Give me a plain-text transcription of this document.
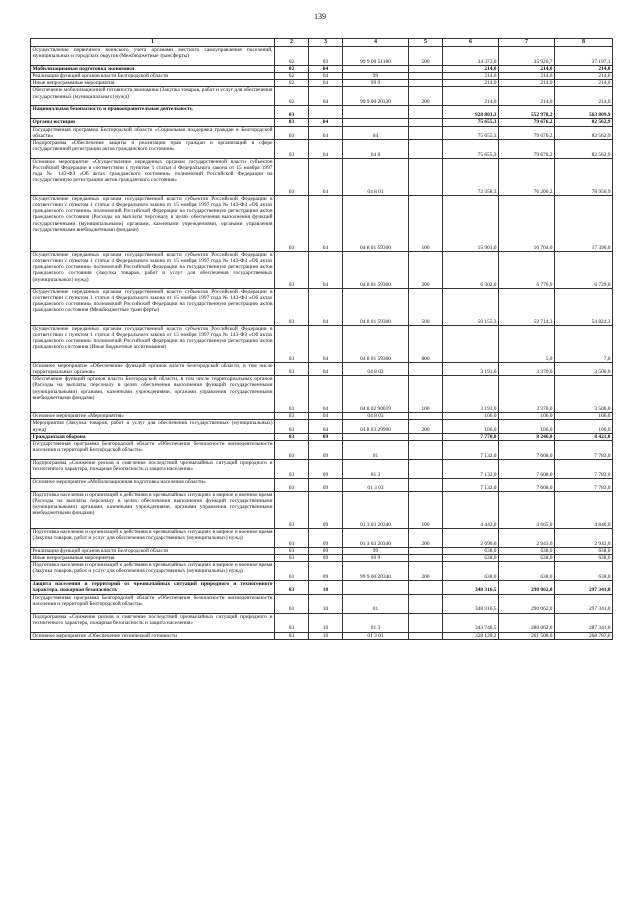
139
1	2	3	4	5	6	7	8
Осуществление первичного воинского учета органами местного самоуправления поселений, муниципальных и городских округов (Межбюджетные трансферты)	02	03	99 9 00 51180	500	34 373,0	35 926,7	37 197,1
Мобилизационная подготовка экономики	02	04			214,0	214,0	214,0
Реализация функций органов власти Белгородской области	02	04	99		214,0	214,0	214,0
Иные непрограммные мероприятия	02	04	99 9		214,0	214,0	214,0
Обеспечение мобилизационной готовности экономики (Закупка товаров, работ и услуг для обеспечения государственных (муниципальных) нужд)	02	04	99 9 00 20330	200	214,0	214,0	214,0
Национальная безопасность и правоохранительная деятельность	03				928 803,3	552 978,2	563 809,9
Органы юстиции	03	04			75 655,3	79 676,2	82 562,9
Государственная программа Белгородской области «Социальная поддержка граждан в Белгородской области»	03	04	04		75 655,3	79 676,2	82 562,9
Подпрограмма «Обеспечение защиты и реализации прав граждан и организаций в сфере государственной регистрации актов гражданского состояния»	03	04	04 8		75 655,3	79 676,2	82 562,9
Основное мероприятие «Осуществление переданных органам государственной власти субъектов Российской Федерации в соответствии с пунктом 1 статьи 4 Федерального закона от 15 ноября 1997 года № 143-ФЗ «Об актах гражданского состояния» полномочий Российской Федерации на государственную регистрацию актов гражданского состояния»	03	04	04 8 01		72 358,3	76 200,2	78 950,9
Осуществление переданных органам государственной власти субъектов Российской Федерации в соответствии с пунктом 1 статьи 4 Федерального закона от 15 ноября 1997 года № 143-ФЗ «Об актах гражданского состояния» полномочий Российской Федерации на государственную регистрацию актов гражданского состояния (Расходы на выплаты персоналу в целях обеспечения выполнения функций государственными (муниципальными) органами, казенными учреждениями, органами управления государственными внебюджетными фондами)	03	04	04 8 01 59300	100	15 901,0	16 704,0	17 390,0
Осуществление переданных органам государственной власти субъектов Российской Федерации в соответствии с пунктом 1 статьи 4 Федерального закона от 15 ноября 1997 года № 143-ФЗ «Об актах гражданского состояния» полномочий Российской Федерации на государственную регистрацию актов гражданского состояния (Закупка товаров, работ и услуг для обеспечения государственных (муниципальных) нужд)	03	04	04 8 01 59300	200	6 302,0	6 776,9	6 729,6
Осуществление переданных органам государственной власти субъектов Российской Федерации в соответствии с пунктом 1 статьи 4 Федерального закона от 15 ноября 1997 года № 143-ФЗ «Об актах гражданского состояния» полномочий Российской Федерации на государственную регистрацию актов гражданского состояния (Межбюджетные трансферты)	03	04	04 8 01 59300	500	50 155,3	52 714,3	54 824,3
Осуществление переданных органам государственной власти субъектов Российской Федерации в соответствии с пунктом 1 статьи 4 Федерального закона от 15 ноября 1997 года № 143-ФЗ «Об актах гражданского состояния» полномочий Российской Федерации на государственную регистрацию актов гражданского состояния (Иные бюджетные ассигнования)	03	04	04 8 01 59300	800		5,0	7,0
Основное мероприятие «Обеспечение функций органов власти Белгородской области, в том числе территориальных органов»	03	04	04 8 02		3 191,0	3 370,0	3 506,0
Обеспечение функций органов власти Белгородской области, в том числе территориальных органов (Расходы на выплаты персоналу в целях обеспечения выполнения функций государственными (муниципальными) органами, казенными учреждениями, органами управления государственными внебюджетными фондами)	03	04	04 8 02 90019	100	3 191,0	3 370,0	3 506,0
Основное мероприятие «Мероприятия»	03	04	04 8 03		106,0	106,0	106,0
Мероприятия (Закупка товаров, работ и услуг для обеспечения государственных (муниципальных) нужд)	03	04	04 8 03 29990	200	106,0	106,0	106,0
Гражданская оборона	03	09			7 770,0	8 246,0	8 421,0
Государственная программа Белгородской области «Обеспечение безопасности жизнедеятельности населения и территорий Белгородской области»	03	09	01		7 132,0	7 608,0	7 783,0
Подпрограмма «Снижение рисков и смягчение последствий чрезвычайных ситуаций природного и техногенного характера, пожарная безопасность и защита населения»	03	09	01 3		7 132,0	7 608,0	7 783,0
Основное мероприятие «Мобилизационная подготовка населения области»	03	09	01 3 03		7 132,0	7 608,0	7 783,0
Подготовка населения и организаций к действиям в чрезвычайных ситуациях в мирное и военное время (Расходы на выплаты персоналу в целях обеспечения выполнения функций государственными (муниципальными) органами, казенными учреждениями, органами управления государственными внебюджетными фондами)	03	09	01 3 03 20340	100	4 442,0	4 665,0	4 840,0
Подготовка населения и организаций к действиям в чрезвычайных ситуациях в мирное и военное время (Закупка товаров, работ и услуг для обеспечения государственных (муниципальных) нужд)	03	09	01 3 03 20340	200	2 690,0	2 943,0	2 943,0
Реализация функций органов власти Белгородской области	03	09	99		638,0	638,0	638,0
Иные непрограммные мероприятия	03	09	99 9		638,0	638,0	638,0
Подготовка населения и организаций к действиям в чрезвычайных ситуациях в мирное и военное время (Закупка товаров, работ и услуг для обеспечения государственных (муниципальных) нужд)	03	09	99 9 00 20340	200	638,0	638,0	638,0
Защита населения и территорий от чрезвычайных ситуаций природного и техногенного характера, пожарная безопасность	03	10			348 316,5	290 062,0	297 341,0
Государственная программа Белгородской области «Обеспечение безопасности жизнедеятельности населения и территорий Белгородской области»	03	10	01		348 316,5	290 062,0	297 341,0
Подпрограмма «Снижение рисков и смягчение последствий чрезвычайных ситуаций природного и техногенного характера, пожарная безопасность и защита населения»	03	10	01 3		343 746,5	280 062,0	287 341,0
Основное мероприятие «Обеспечение технической готовности	03	10	01 3 01		328 120,2	261 508,0	268 787,0
